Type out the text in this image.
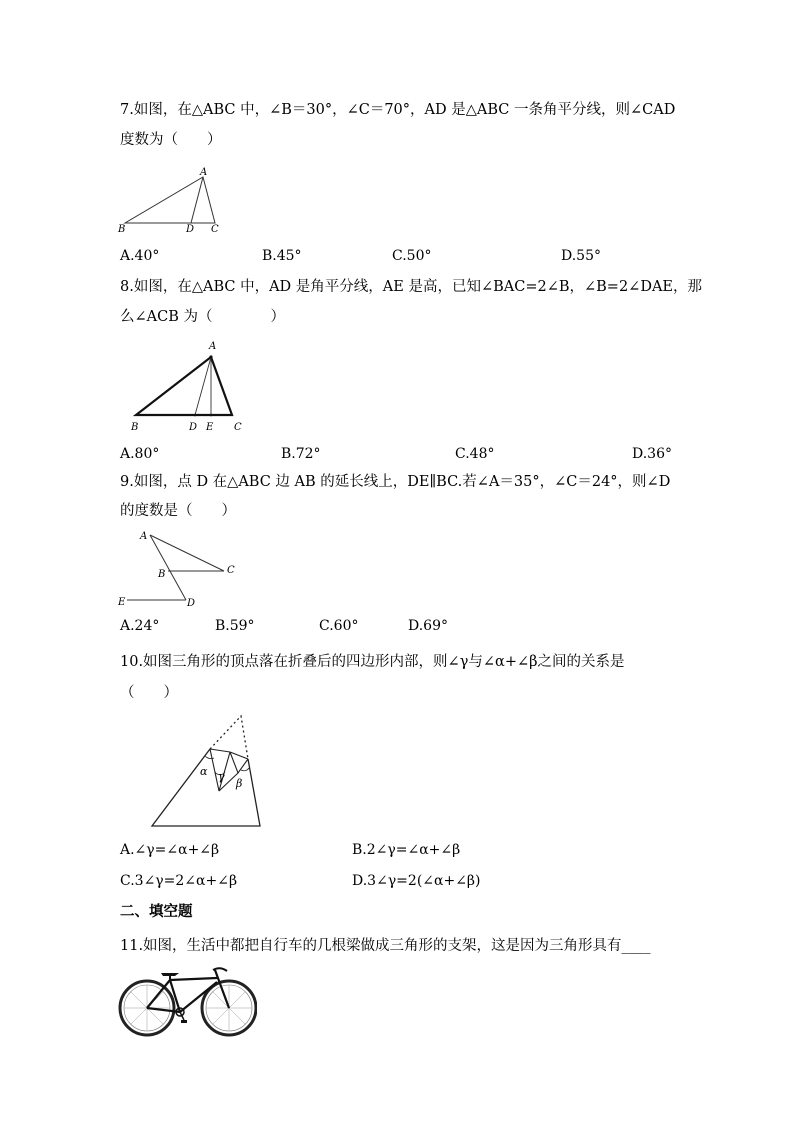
7.如图，在△ABC 中，∠B＝30°，∠C＝70°，AD 是△ABC 一条角平分线，则∠CAD
度数为（　　）
A
B	D C
A.40°	B.45°	C.50°	D.55°
8.如图，在△ABC 中，AD 是角平分线，AE 是高，已知∠BAC=2∠B，∠B=2∠DAE，那
么∠ACB 为（　　　　）
A
B	D E C
A.80°	B.72°	C.48°	D.36°
9.如图，点 D 在△ABC 边 AB 的延长线上，DE∥BC.若∠A＝35°，∠C＝24°，则∠D
的度数是（　　）
A
B	C
E	D
A.24°	B.59°	C.60°	D.69°
10.如图三角形的顶点落在折叠后的四边形内部，则∠γ与∠α+∠β之间的关系是
（　　）
α γ
β
A.∠γ=∠α+∠β	B.2∠γ=∠α+∠β
C.3∠γ=2∠α+∠β	D.3∠γ=2(∠α+∠β)
二、填空题
11.如图，生活中都把自行车的几根梁做成三角形的支架，这是因为三角形具有____
